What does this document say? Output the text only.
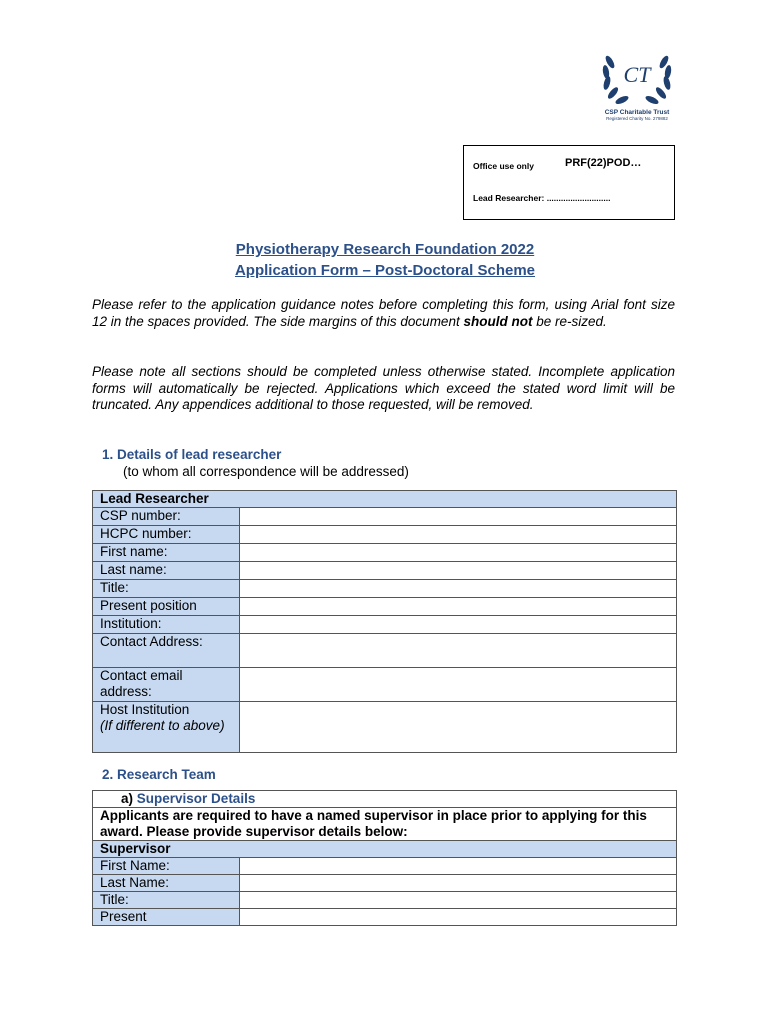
CT
CSP Charitable Trust
Registered Charity No. 279882
Office use only	PRF(22)POD…
Lead Researcher: ...........................
Physiotherapy Research Foundation 2022
Application Form – Post-Doctoral Scheme
Please refer to the application guidance notes before completing this form, using Arial font size 12 in the spaces provided. The side margins of this document should not be re-sized.
Please note all sections should be completed unless otherwise stated. Incomplete application forms will automatically be rejected. Applications which exceed the stated word limit will be truncated. Any appendices additional to those requested, will be removed.
1. Details of lead researcher
(to whom all correspondence will be addressed)
Lead Researcher	
CSP number:	
HCPC number:	
First name:	
Last name:	
Title:	
Present position	
Institution:	
Contact Address:	
Contact email address:	
Host Institution
(If different to above)	
2. Research Team
a) Supervisor Details	
Applicants are required to have a named supervisor in place prior to applying for this award. Please provide supervisor details below:	
Supervisor	
First Name:	
Last Name:	
Title:	
Present	
